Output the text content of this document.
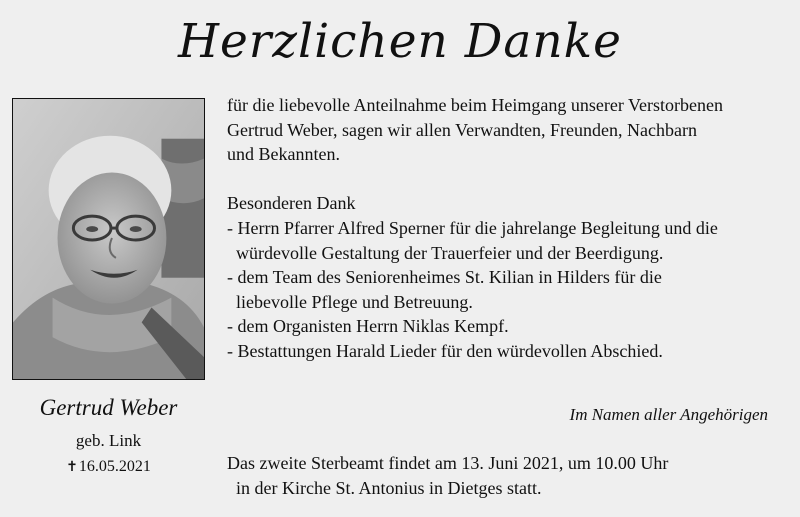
Herzlichen Danke
Gertrud Weber
geb. Link
✝16.05.2021

für die liebevolle Anteilnahme beim Heimgang unserer Verstorbenen

Gertrud Weber, sagen wir allen Verwandten, Freunden, Nachbarn

und Bekannten.

Besonderen Dank

- Herrn Pfarrer Alfred Sperner für die jahrelange Begleitung und die

würdevolle Gestaltung der Trauerfeier und der Beerdigung.

- dem Team des Seniorenheimes St. Kilian in Hilders für die

liebevolle Pflege und Betreuung.

- dem Organisten Herrn Niklas Kempf.

- Bestattungen Harald Lieder für den würdevollen Abschied.

Im Namen aller Angehörigen

Das zweite Sterbeamt findet am 13. Juni 2021, um 10.00 Uhr

in der Kirche St. Antonius in Dietges statt.
